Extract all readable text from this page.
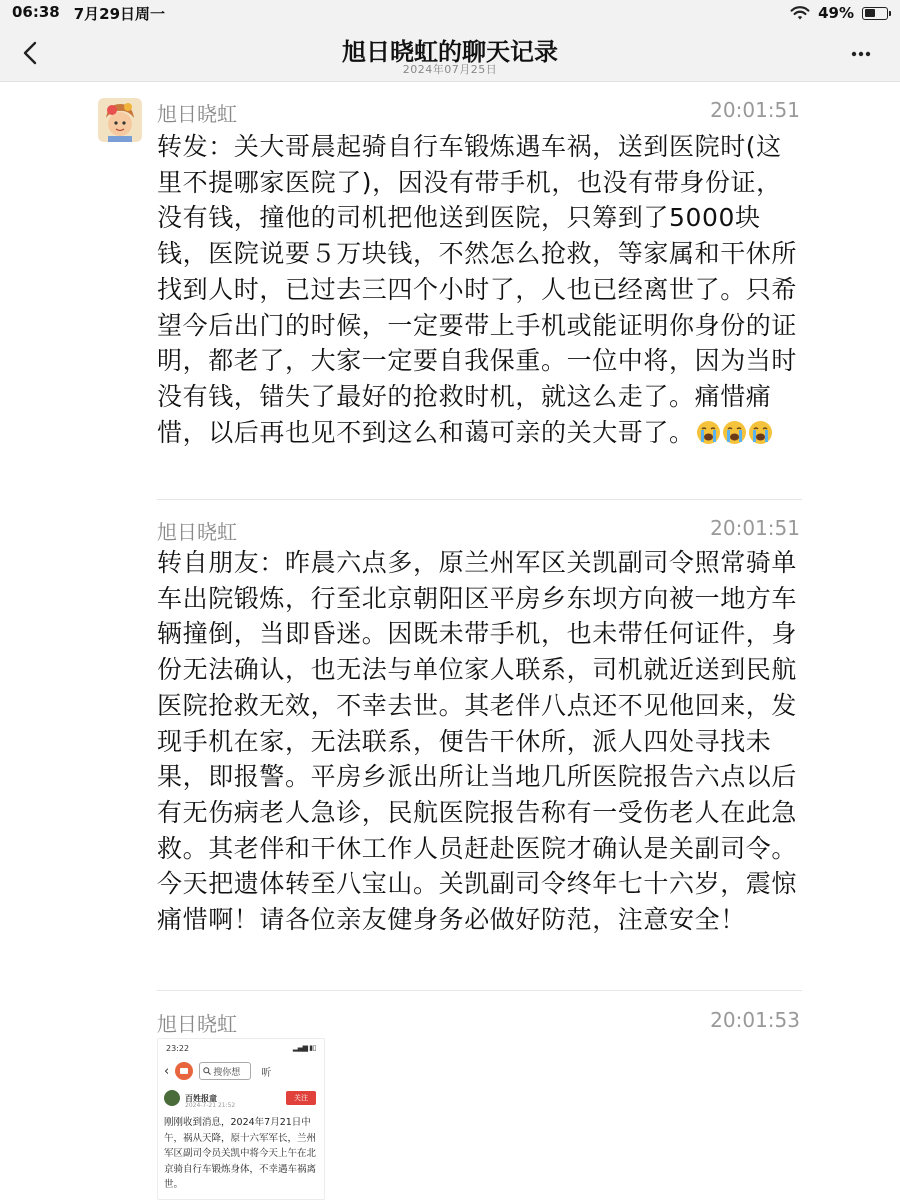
06:38 7月29日周一	49%
旭日晓虹的聊天记录
2024年07月25日
旭日晓虹	20:01:51
转发：关大哥晨起骑自行车锻炼遇车祸，送到医院时(这里不提哪家医院了)，因没有带手机，也没有带身份证，没有钱，撞他的司机把他送到医院，只筹到了5000块钱，医院说要５万块钱，不然怎么抢救，等家属和干休所找到人时，已过去三四个小时了，人也已经离世了。只希望今后出门的时候，一定要带上手机或能证明你身份的证明，都老了，大家一定要自我保重。一位中将，因为当时没有钱，错失了最好的抢救时机，就这么走了。痛惜痛惜，以后再也见不到这么和蔼可亲的关大哥了。
旭日晓虹	20:01:51
转自朋友：昨晨六点多，原兰州军区关凯副司令照常骑单车出院锻炼，行至北京朝阳区平房乡东坝方向被一地方车辆撞倒，当即昏迷。因既未带手机，也未带任何证件，身份无法确认，也无法与单位家人联系，司机就近送到民航医院抢救无效，不幸去世。其老伴八点还不见他回来，发现手机在家，无法联系，便告干休所，派人四处寻找未果，即报警。平房乡派出所让当地几所医院报告六点以后有无伤病老人急诊，民航医院报告称有一受伤老人在此急救。其老伴和干休工作人员赶赴医院才确认是关副司令。今天把遗体转至八宝山。关凯副司令终年七十六岁，震惊痛惜啊！请各位亲友健身务必做好防范，注意安全！
旭日晓虹	20:01:53
23:22	▂▄▆ ▮▯
‹	搜你想 听
百姓报童
2024-7-21 21:52
关注
刚刚收到消息，2024年7月21日中午，祸从天降，原十六军军长，兰州军区副司令员关凯中将今天上午在北京骑自行车锻炼身体，不幸遇车祸离世。
